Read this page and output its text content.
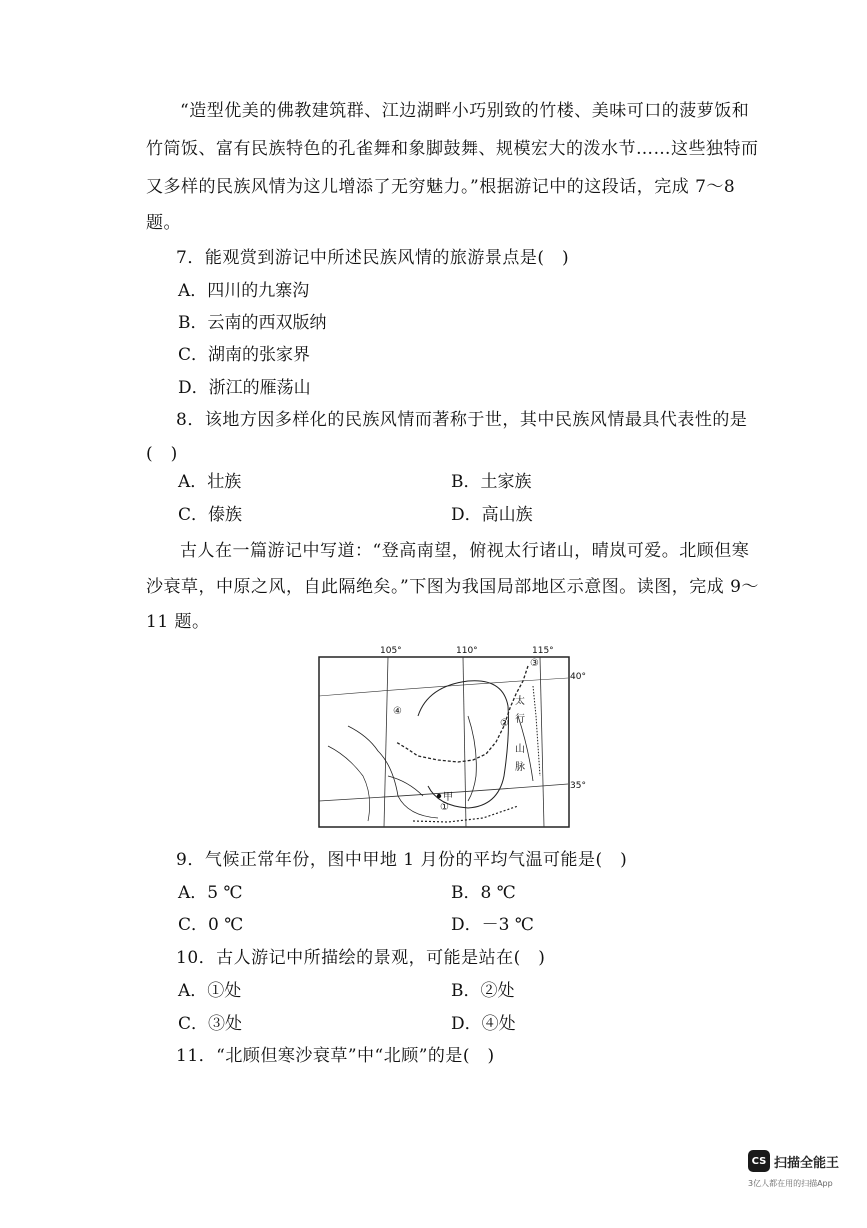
“造型优美的佛教建筑群、江边湖畔小巧别致的竹楼、美味可口的菠萝饭和
竹筒饭、富有民族特色的孔雀舞和象脚鼓舞、规模宏大的泼水节……这些独特而
又多样的民族风情为这儿增添了无穷魅力。”根据游记中的这段话，完成 7～8
题。
7．能观赏到游记中所述民族风情的旅游景点是(　)
A．四川的九寨沟
B．云南的西双版纳
C．湖南的张家界
D．浙江的雁荡山
8．该地方因多样化的民族风情而著称于世，其中民族风情最具代表性的是
(　)
A．壮族	B．土家族
C．傣族	D．高山族
古人在一篇游记中写道：“登高南望，俯视太行诸山，晴岚可爱。北顾但寒
沙衰草，中原之风，自此隔绝矣。”下图为我国局部地区示意图。读图，完成 9～
11 题。
105°	110°	115°
40°
35°
③
④
②
①
甲
太
行
山
脉
9．气候正常年份，图中甲地 1 月份的平均气温可能是(　)
A．5 ℃	B．8 ℃
C．0 ℃	D．－3 ℃
10．古人游记中所描绘的景观，可能是站在(　)
A．①处	B．②处
C．③处	D．④处
11．“北顾但寒沙衰草”中“北顾”的是(　)
CS 扫描全能王
3亿人都在用的扫描App
